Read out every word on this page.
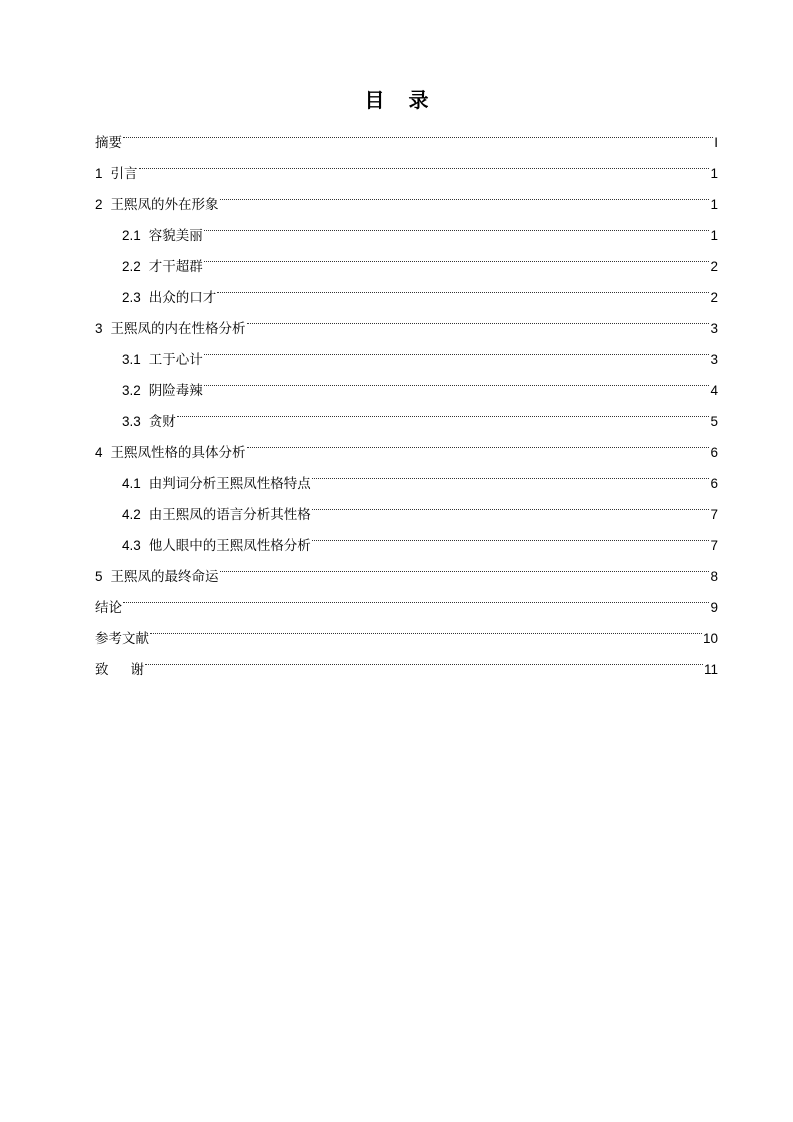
目 录
摘要	I
1 引言	1
2 王熙凤的外在形象	1
2.1 容貌美丽	1
2.2 才干超群	2
2.3 出众的口才	2
3 王熙凤的内在性格分析	3
3.1 工于心计	3
3.2 阴险毒辣	4
3.3 贪财	5
4 王熙凤性格的具体分析	6
4.1 由判词分析王熙凤性格特点	6
4.2 由王熙凤的语言分析其性格	7
4.3 他人眼中的王熙凤性格分析	7
5 王熙凤的最终命运	8
结论	9
参考文献	10
致 谢	11
